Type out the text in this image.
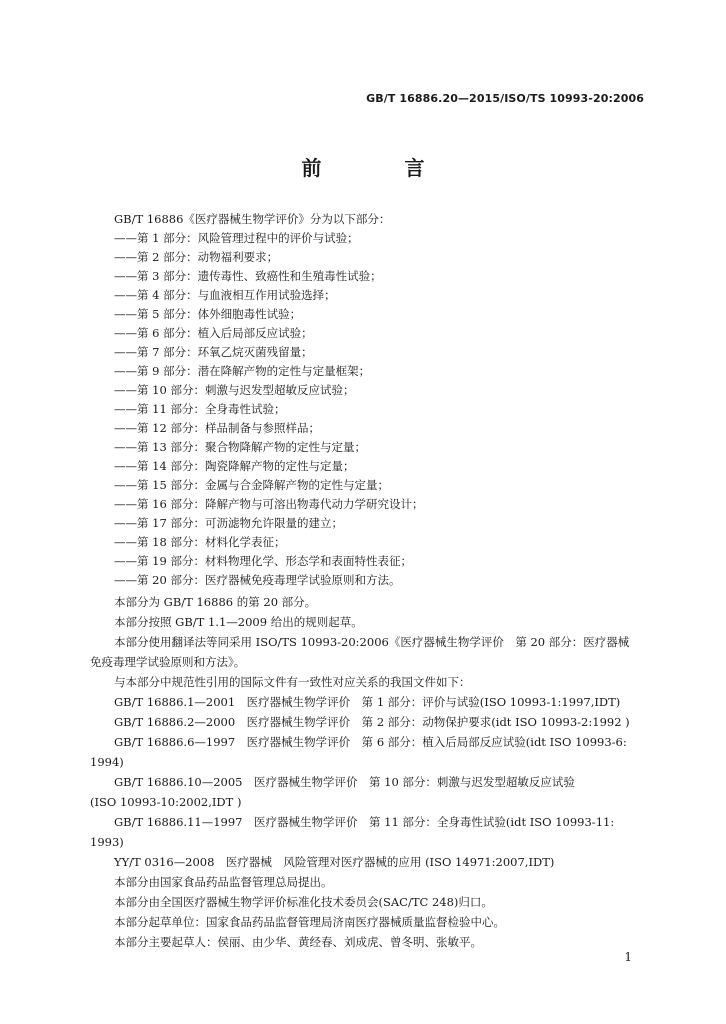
GB/T 16886.20—2015/ISO/TS 10993-20:2006
前 言
GB/T 16886《医疗器械生物学评价》分为以下部分：
——第 1 部分：风险管理过程中的评价与试验；
——第 2 部分：动物福利要求；
——第 3 部分：遗传毒性、致癌性和生殖毒性试验；
——第 4 部分：与血液相互作用试验选择；
——第 5 部分：体外细胞毒性试验；
——第 6 部分：植入后局部反应试验；
——第 7 部分：环氧乙烷灭菌残留量；
——第 9 部分：潜在降解产物的定性与定量框架；
——第 10 部分：刺激与迟发型超敏反应试验；
——第 11 部分：全身毒性试验；
——第 12 部分：样品制备与参照样品；
——第 13 部分：聚合物降解产物的定性与定量；
——第 14 部分：陶瓷降解产物的定性与定量；
——第 15 部分：金属与合金降解产物的定性与定量；
——第 16 部分：降解产物与可溶出物毒代动力学研究设计；
——第 17 部分：可沥滤物允许限量的建立；
——第 18 部分：材料化学表征；
——第 19 部分：材料物理化学、形态学和表面特性表征；
——第 20 部分：医疗器械免疫毒理学试验原则和方法。
本部分为 GB/T 16886 的第 20 部分。
本部分按照 GB/T 1.1—2009 给出的规则起草。
本部分使用翻译法等同采用 ISO/TS 10993-20:2006《医疗器械生物学评价　第 20 部分：医疗器械
免疫毒理学试验原则和方法》。
与本部分中规范性引用的国际文件有一致性对应关系的我国文件如下：
GB/T 16886.1—2001　医疗器械生物学评价　第 1 部分：评价与试验(ISO 10993-1:1997,IDT)
GB/T 16886.2—2000　医疗器械生物学评价　第 2 部分：动物保护要求(idt ISO 10993-2:1992 )
GB/T 16886.6—1997　医疗器械生物学评价　第 6 部分：植入后局部反应试验(idt ISO 10993-6:
1994)
GB/T 16886.10—2005　医疗器械生物学评价　第 10 部分：刺激与迟发型超敏反应试验
(ISO 10993-10:2002,IDT )
GB/T 16886.11—1997　医疗器械生物学评价　第 11 部分：全身毒性试验(idt ISO 10993-11:
1993)
YY/T 0316—2008　医疗器械　风险管理对医疗器械的应用 (ISO 14971:2007,IDT)
本部分由国家食品药品监督管理总局提出。
本部分由全国医疗器械生物学评价标准化技术委员会(SAC/TC 248)归口。
本部分起草单位：国家食品药品监督管理局济南医疗器械质量监督检验中心。
本部分主要起草人：侯丽、由少华、黄经春、刘成虎、曾冬明、张敏平。
1
